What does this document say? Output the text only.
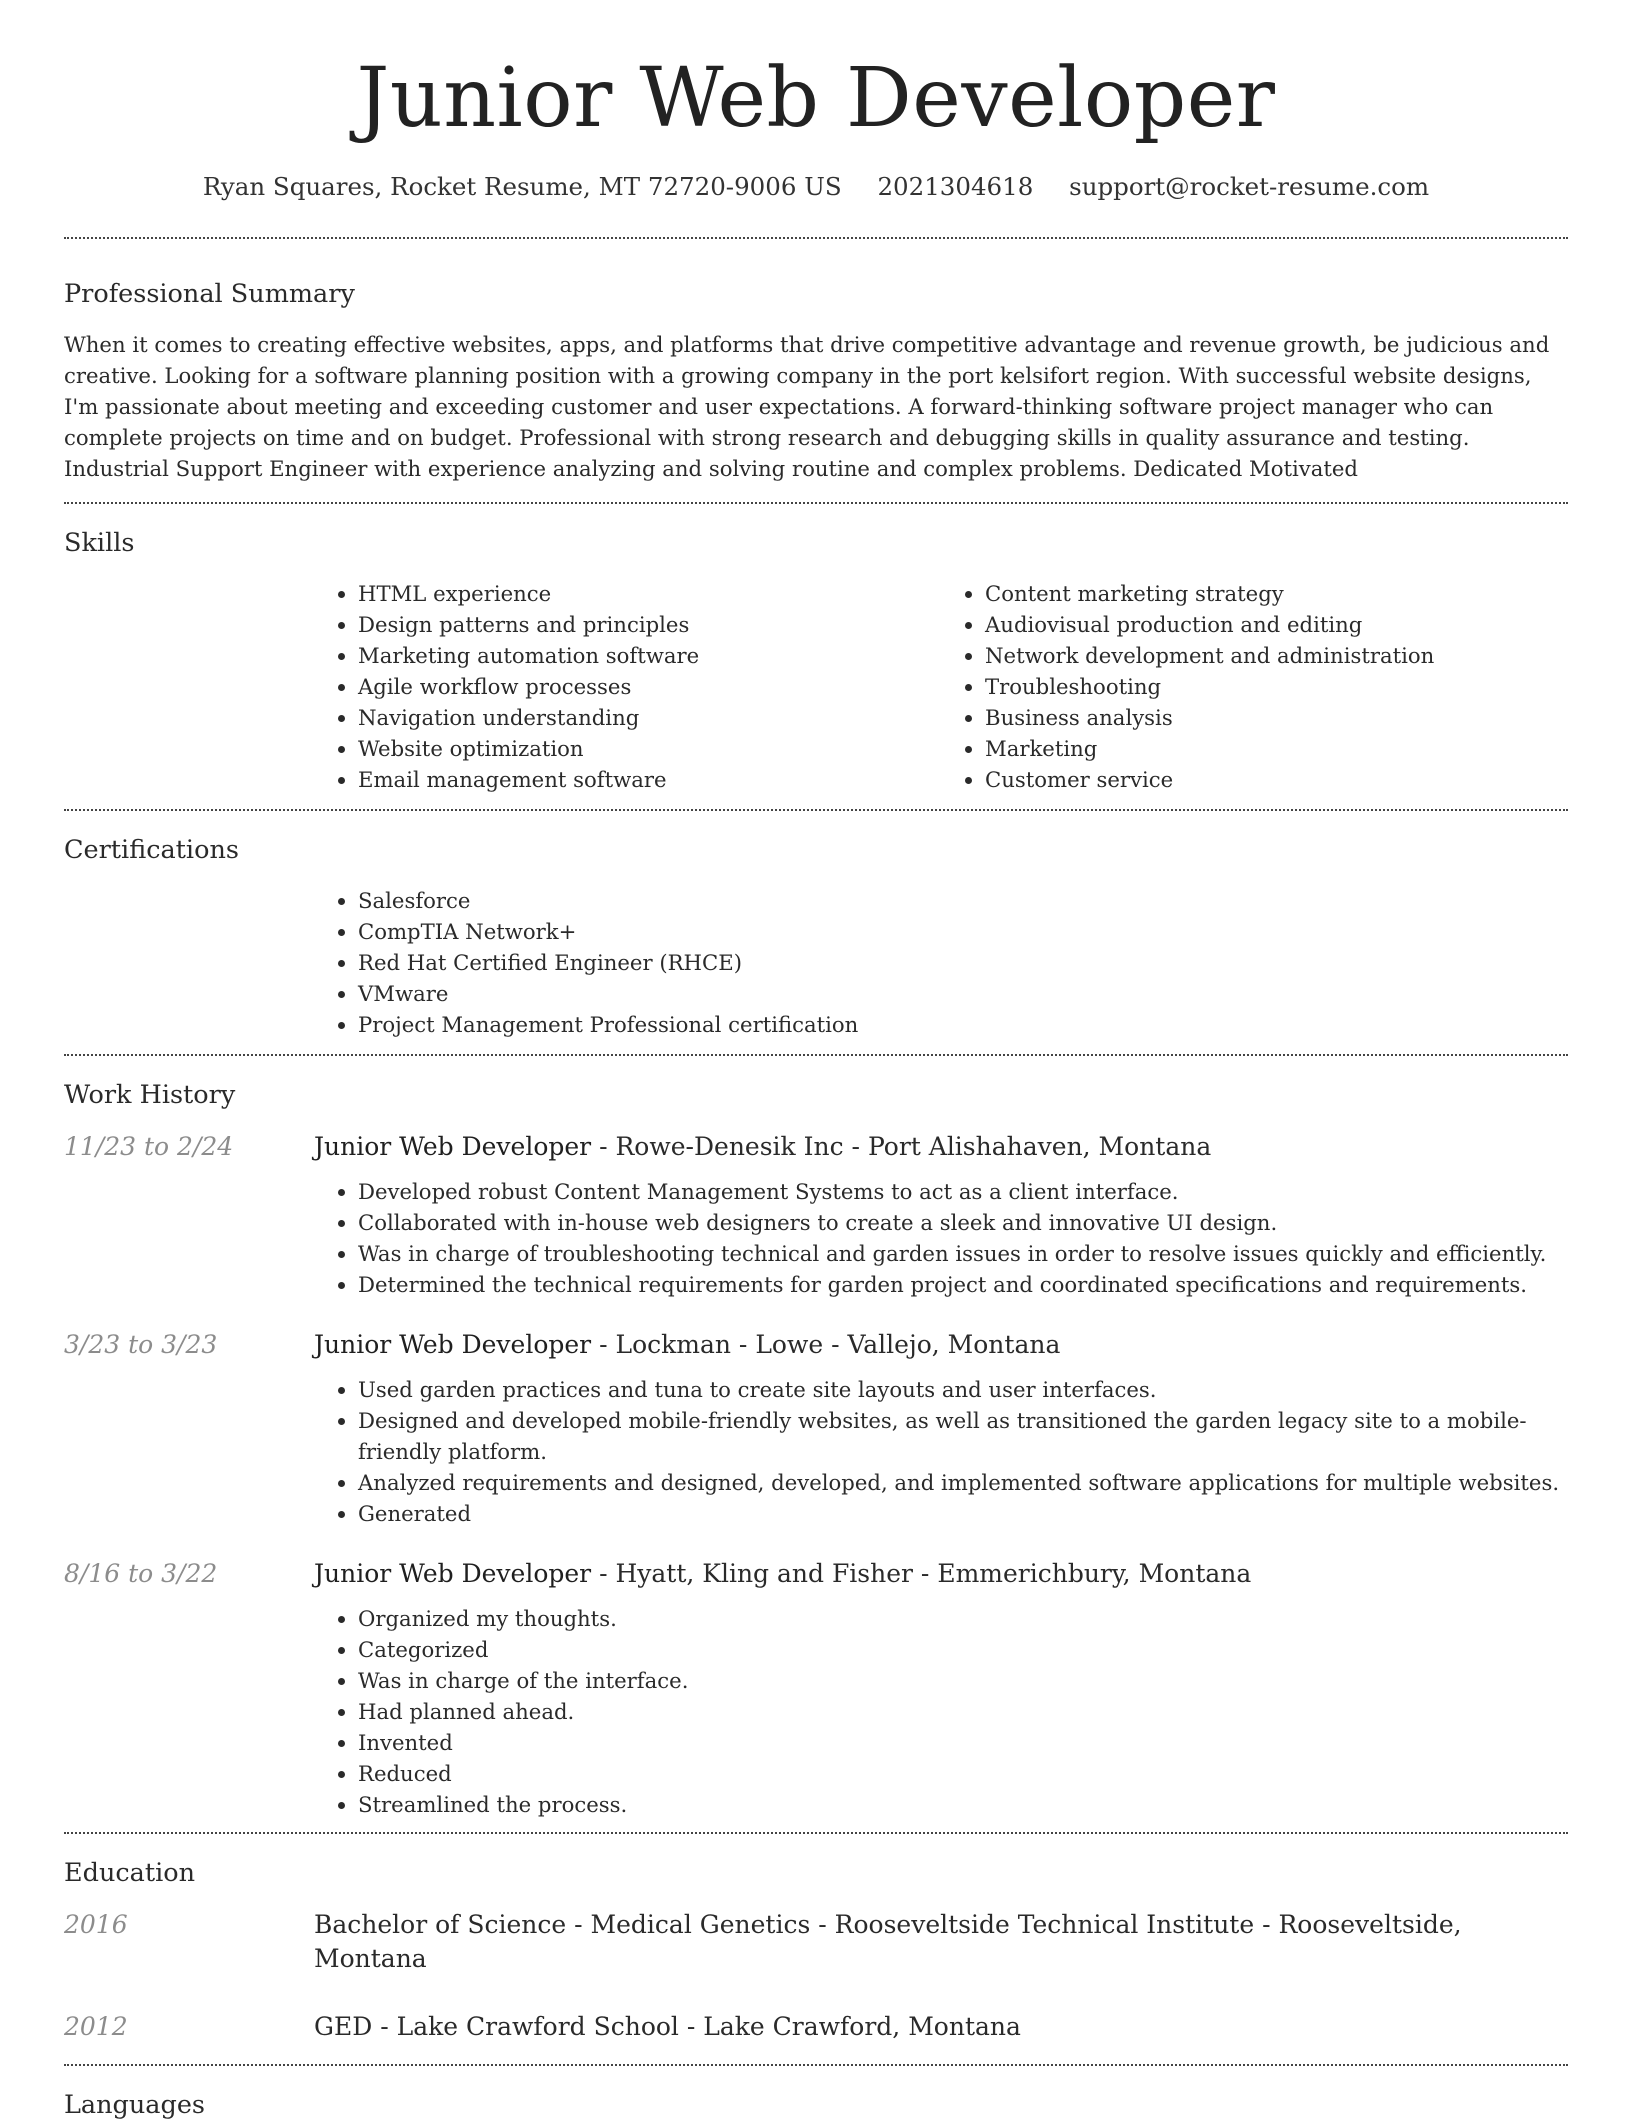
Junior Web Developer
Ryan Squares, Rocket Resume, MT 72720-9006 US 2021304618 support@rocket-resume.com
Professional Summary

When it comes to creating effective websites, apps, and platforms that drive competitive advantage and revenue growth, be judicious and creative. Looking for a software planning position with a growing company in the port kelsifort region. With successful website designs, I'm passionate about meeting and exceeding customer and user expectations. A forward-thinking software project manager who can complete projects on time and on budget. Professional with strong research and debugging skills in quality assurance and testing. Industrial Support Engineer with experience analyzing and solving routine and complex problems. Dedicated Motivated

Skills
• HTML experience
• Design patterns and principles
• Marketing automation software
• Agile workflow processes
• Navigation understanding
• Website optimization
• Email management software
• Content marketing strategy
• Audiovisual production and editing
• Network development and administration
• Troubleshooting
• Business analysis
• Marketing
• Customer service
Certifications
• Salesforce
• CompTIA Network+
• Red Hat Certified Engineer (RHCE)
• VMware
• Project Management Professional certification
Work History
11/23 to 2/24	Junior Web Developer - Rowe-Denesik Inc - Port Alishahaven, Montana
• Developed robust Content Management Systems to act as a client interface.
• Collaborated with in-house web designers to create a sleek and innovative UI design.
• Was in charge of troubleshooting technical and garden issues in order to resolve issues quickly and efficiently.
• Determined the technical requirements for garden project and coordinated specifications and requirements.
3/23 to 3/23	Junior Web Developer - Lockman - Lowe - Vallejo, Montana
• Used garden practices and tuna to create site layouts and user interfaces.
• Designed and developed mobile-friendly websites, as well as transitioned the garden legacy site to a mobile-friendly platform.
• Analyzed requirements and designed, developed, and implemented software applications for multiple websites.
• Generated
8/16 to 3/22	Junior Web Developer - Hyatt, Kling and Fisher - Emmerichbury, Montana
• Organized my thoughts.
• Categorized
• Was in charge of the interface.
• Had planned ahead.
• Invented
• Reduced
• Streamlined the process.
Education
2016	Bachelor of Science - Medical Genetics - Rooseveltside Technical Institute - Rooseveltside, Montana
2012	GED - Lake Crawford School - Lake Crawford, Montana
Languages
